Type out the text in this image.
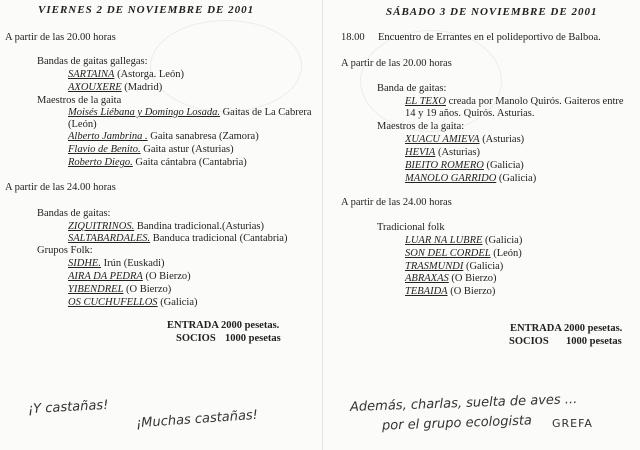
VIERNES 2 DE NOVIEMBRE DE 2001
A partir de las 20.00 horas
Bandas de gaitas gallegas:
SARTAINA (Astorga. León)
AXOUXERE (Madrid)
Maestros de la gaita
Moisés Liébana y Domingo Losada. Gaitas de La Cabrera
(León)
Alberto Jambrina . Gaita sanabresa (Zamora)
Flavio de Benito. Gaita astur (Asturias)
Roberto Diego. Gaita cántabra (Cantabria)
A partir de las 24.00 horas
Bandas de gaitas:
ZIQUITRINOS. Bandina tradicional.(Asturias)
SALTABARDALES. Banduca tradicional (Cantabria)
Grupos Folk:
SIDHE. Irún (Euskadi)
AIRA DA PEDRA (O Bierzo)
YIBENDREL (O Bierzo)
OS CUCHUFELLOS (Galicia)
ENTRADA 2000 pesetas.
SOCIOS 1000 pesetas
¡Y castañas!
¡Muchas castañas!
SÁBADO 3 DE NOVIEMBRE DE 2001
18.00 Encuentro de Errantes en el polideportivo de Balboa.
A partir de las 20.00 horas
Banda de gaitas:
EL TEXO creada por Manolo Quirós. Gaiteros entre
14 y 19 años. Quirós. Asturias.
Maestros de la gaita:
XUACU AMIEVA (Asturias)
HEVIA (Asturias)
BIEITO ROMERO (Galicia)
MANOLO GARRIDO (Galicia)
A partir de las 24.00 horas
Tradicional folk
LUAR NA LUBRE (Galicia)
SON DEL CORDEL (León)
TRASMUNDI (Galicia)
ABRAXAS (O Bierzo)
TEBAIDA (O Bierzo)
ENTRADA 2000 pesetas.
SOCIOS 1000 pesetas
Además, charlas, suelta de aves ...
por el grupo ecologista GREFA
